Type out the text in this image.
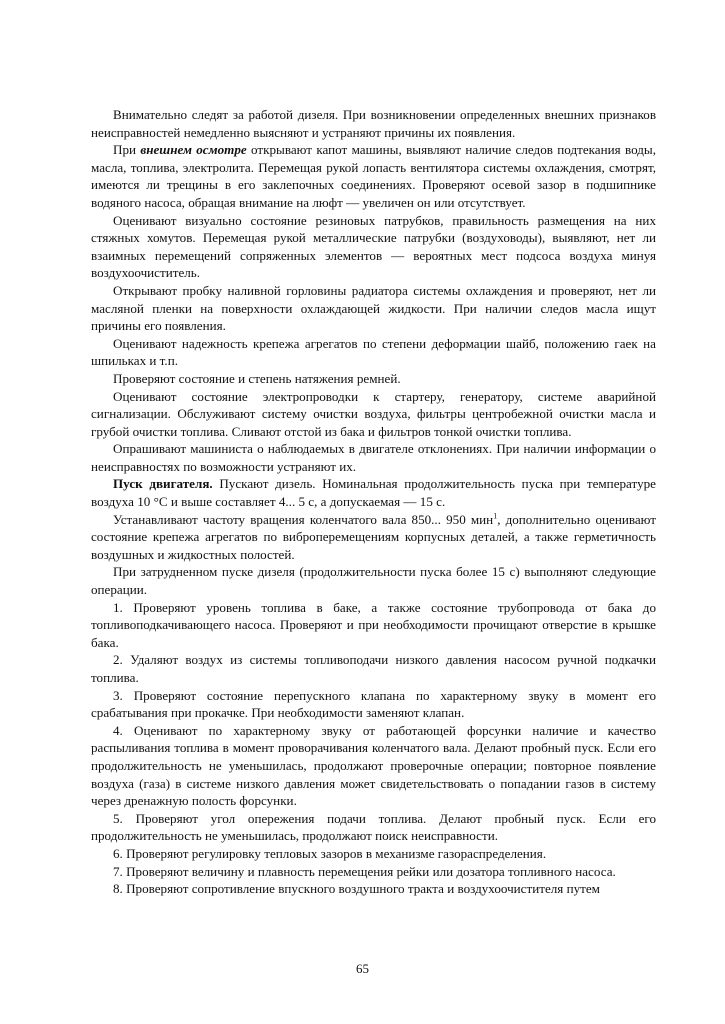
Внимательно следят за работой дизеля. При возникновении определенных внешних признаков неисправностей немедленно выясняют и устраняют причины их появления.

При внешнем осмотре открывают капот машины, выявляют наличие следов подтекания воды, масла, топлива, электролита. Перемещая рукой лопасть вентилятора системы охлаждения, смотрят, имеются ли трещины в его заклепочных соединениях. Проверяют осевой зазор в подшипнике водяного насоса, обращая внимание на люфт — увеличен он или отсутствует.

Оценивают визуально состояние резиновых патрубков, правильность размещения на них стяжных хомутов. Перемещая рукой металлические патрубки (воздуховоды), выявляют, нет ли взаимных перемещений сопряженных элементов — вероятных мест подсоса воздуха минуя воздухоочиститель.

Открывают пробку наливной горловины радиатора системы охлаждения и проверяют, нет ли масляной пленки на поверхности охлаждающей жидкости. При наличии следов масла ищут причины его появления.

Оценивают надежность крепежа агрегатов по степени деформации шайб, положению гаек на шпильках и т.п.

Проверяют состояние и степень натяжения ремней.

Оценивают состояние электропроводки к стартеру, генератору, системе аварийной сигнализации. Обслуживают систему очистки воздуха, фильтры центробежной очистки масла и грубой очистки топлива. Сливают отстой из бака и фильтров тонкой очистки топлива.

Опрашивают машиниста о наблюдаемых в двигателе отклонениях. При наличии информации о неисправностях по возможности устраняют их.

Пуск двигателя. Пускают дизель. Номинальная продолжительность пуска при температуре воздуха 10 °С и выше составляет 4... 5 с, а допускаемая — 15 с.

Устанавливают частоту вращения коленчатого вала 850... 950 мин$^1$, дополнительно оценивают состояние крепежа агрегатов по виброперемещениям корпусных деталей, а также герметичность воздушных и жидкостных полостей.

При затрудненном пуске дизеля (продолжительности пуска более 15 с) выполняют следующие операции.

1. Проверяют уровень топлива в баке, а также состояние трубопровода от бака до топливоподкачивающего насоса. Проверяют и при необходимости прочищают отверстие в крышке бака.

2. Удаляют воздух из системы топливоподачи низкого давления насосом ручной подкачки топлива.

3. Проверяют состояние перепускного клапана по характерному звуку в момент его срабатывания при прокачке. При необходимости заменяют клапан.

4. Оценивают по характерному звуку от работающей форсунки наличие и качество распыливания топлива в момент проворачивания коленчатого вала. Делают пробный пуск. Если его продолжительность не уменьшилась, продолжают проверочные операции; повторное появление воздуха (газа) в системе низкого давления может свидетельствовать о попадании газов в систему через дренажную полость форсунки.

5. Проверяют угол опережения подачи топлива. Делают пробный пуск. Если его продолжительность не уменьшилась, продолжают поиск неисправности.

6. Проверяют регулировку тепловых зазоров в механизме газораспределения.

7. Проверяют величину и плавность перемещения рейки или дозатора топливного насоса.

8. Проверяют сопротивление впускного воздушного тракта и воздухоочистителя путем

65
